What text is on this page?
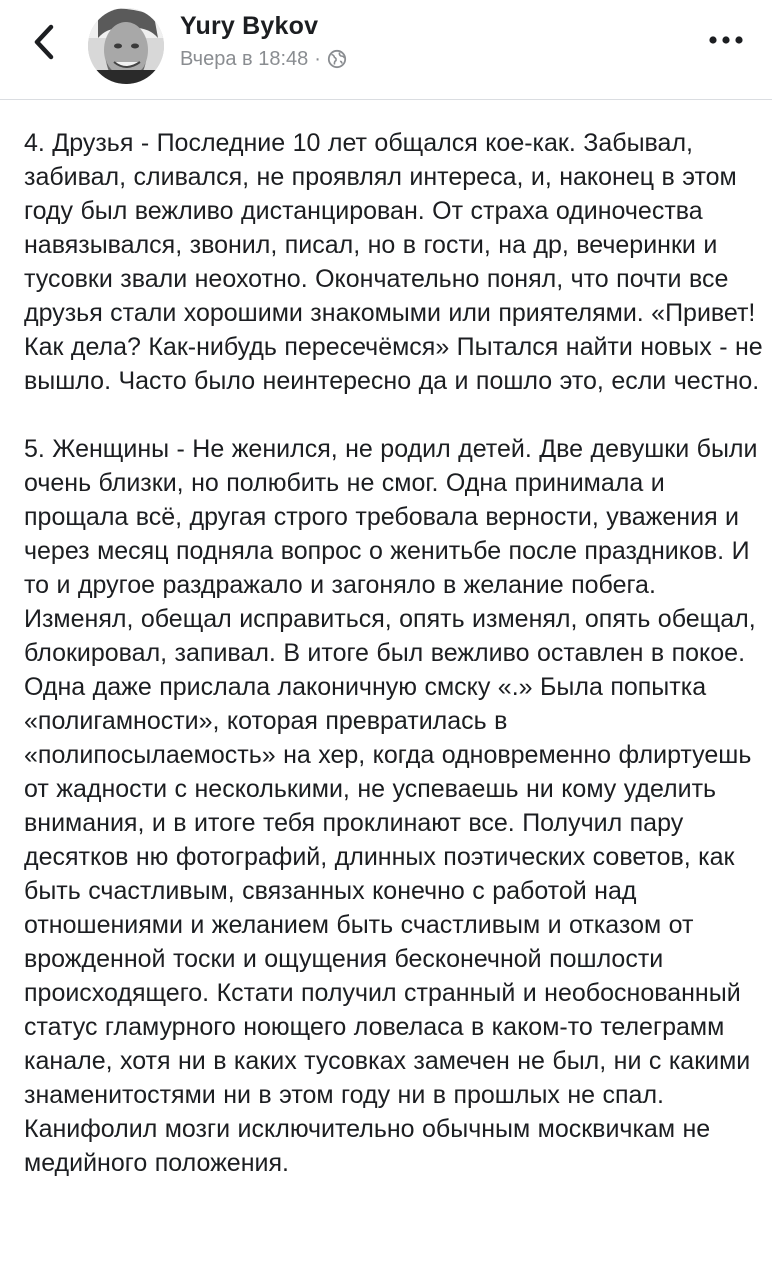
Yury Bykov
Вчера в 18:48 ·

4. Друзья - Последние 10 лет общался кое-как. Забывал, забивал, сливался, не проявлял интереса, и, наконец в этом году был вежливо дистанцирован. От страха одиночества навязывался, звонил, писал, но в гости, на др, вечеринки и тусовки звали неохотно. Окончательно понял, что почти все друзья стали хорошими знакомыми или приятелями. «Привет! Как дела? Как-нибудь пересечёмся» Пытался найти новых - не вышло. Часто было неинтересно да и пошло это, если честно.

5. Женщины - Не женился, не родил детей. Две девушки были очень близки, но полюбить не смог. Одна принимала и прощала всё, другая строго требовала верности, уважения и через месяц подняла вопрос о женитьбе после праздников. И то и другое раздражало и загоняло в желание побега. Изменял, обещал исправиться, опять изменял, опять обещал, блокировал, запивал. В итоге был вежливо оставлен в покое. Одна даже прислала лаконичную смску «.» Была попытка «полигамности», которая превратилась в «полипосылаемость» на хер, когда одновременно флиртуешь от жадности с несколькими, не успеваешь ни кому уделить внимания, и в итоге тебя проклинают все. Получил пару десятков ню фотографий, длинных поэтических советов, как быть счастливым, связанных конечно с работой над отношениями и желанием быть счастливым и отказом от врожденной тоски и ощущения бесконечной пошлости происходящего. Кстати получил странный и необоснованный статус гламурного ноющего ловеласа в каком-то телеграмм канале, хотя ни в каких тусовках замечен не был, ни с какими знаменитостями ни в этом году ни в прошлых не спал. Канифолил мозги исключительно обычным москвичкам не медийного положения.
